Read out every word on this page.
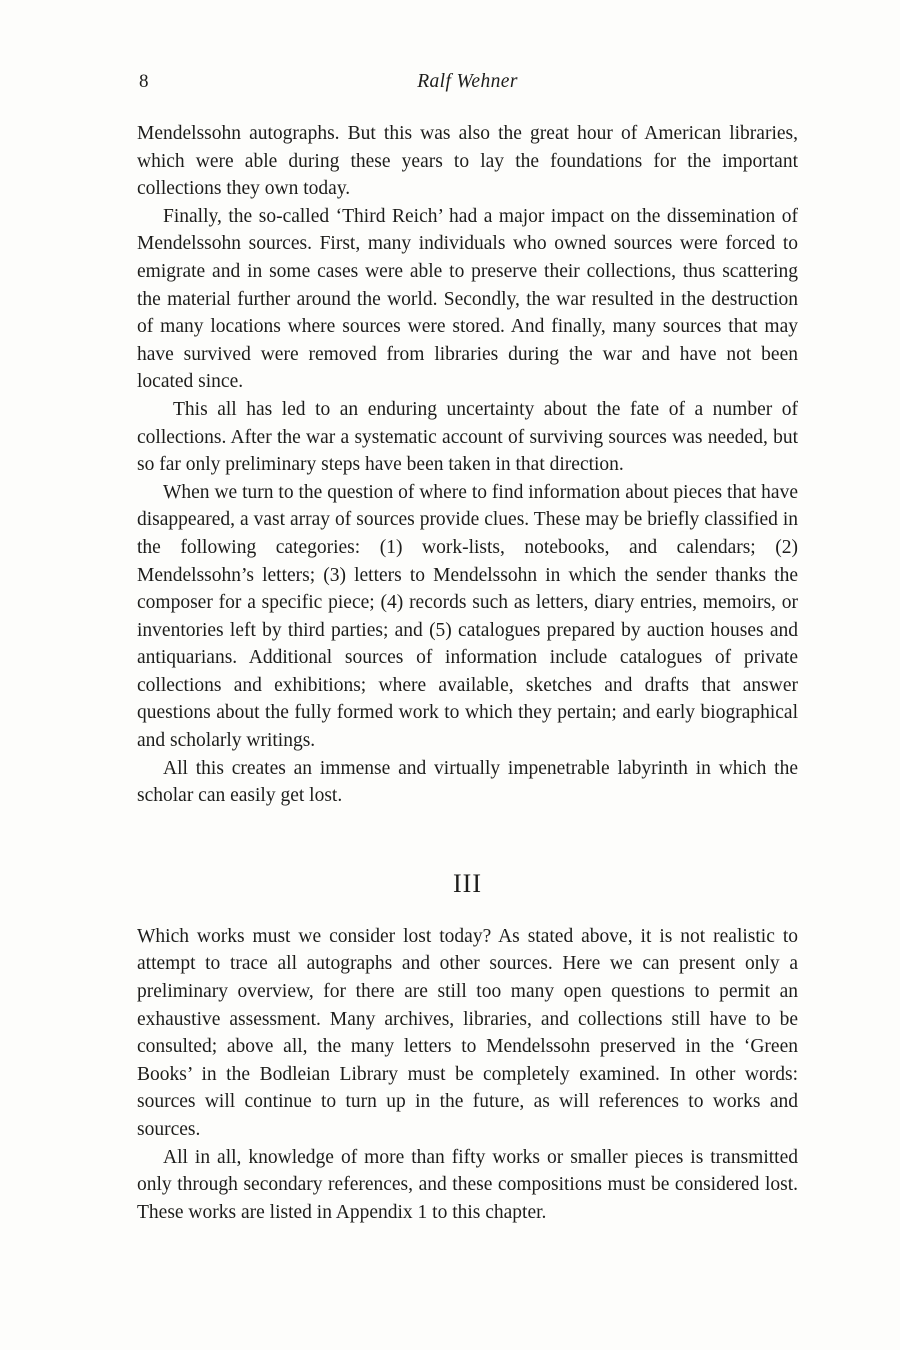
8	Ralf Wehner

Mendelssohn autographs. But this was also the great hour of American libraries, which were able during these years to lay the foundations for the important collections they own today.

Finally, the so-called ‘Third Reich’ had a major impact on the dissemination of Mendelssohn sources. First, many individuals who owned sources were forced to emigrate and in some cases were able to preserve their collections, thus scattering the material further around the world. Secondly, the war resulted in the destruction of many locations where sources were stored. And finally, many sources that may have survived were removed from libraries during the war and have not been located since.

This all has led to an enduring uncertainty about the fate of a number of collections. After the war a systematic account of surviving sources was needed, but so far only preliminary steps have been taken in that direction.

When we turn to the question of where to find information about pieces that have disappeared, a vast array of sources provide clues. These may be briefly classified in the following categories: (1) work-lists, notebooks, and calendars; (2) Mendelssohn’s letters; (3) letters to Mendelssohn in which the sender thanks the composer for a specific piece; (4) records such as letters, diary entries, memoirs, or inventories left by third parties; and (5) catalogues prepared by auction houses and antiquarians. Additional sources of information include catalogues of private collections and exhibitions; where available, sketches and drafts that answer questions about the fully formed work to which they pertain; and early biographical and scholarly writings.

All this creates an immense and virtually impenetrable labyrinth in which the scholar can easily get lost.

III

Which works must we consider lost today? As stated above, it is not realistic to attempt to trace all autographs and other sources. Here we can present only a preliminary overview, for there are still too many open questions to permit an exhaustive assessment. Many archives, libraries, and collections still have to be consulted; above all, the many letters to Mendelssohn preserved in the ‘Green Books’ in the Bodleian Library must be completely examined. In other words: sources will continue to turn up in the future, as will references to works and sources.

All in all, knowledge of more than fifty works or smaller pieces is transmitted only through secondary references, and these compositions must be considered lost. These works are listed in Appendix 1 to this chapter.
